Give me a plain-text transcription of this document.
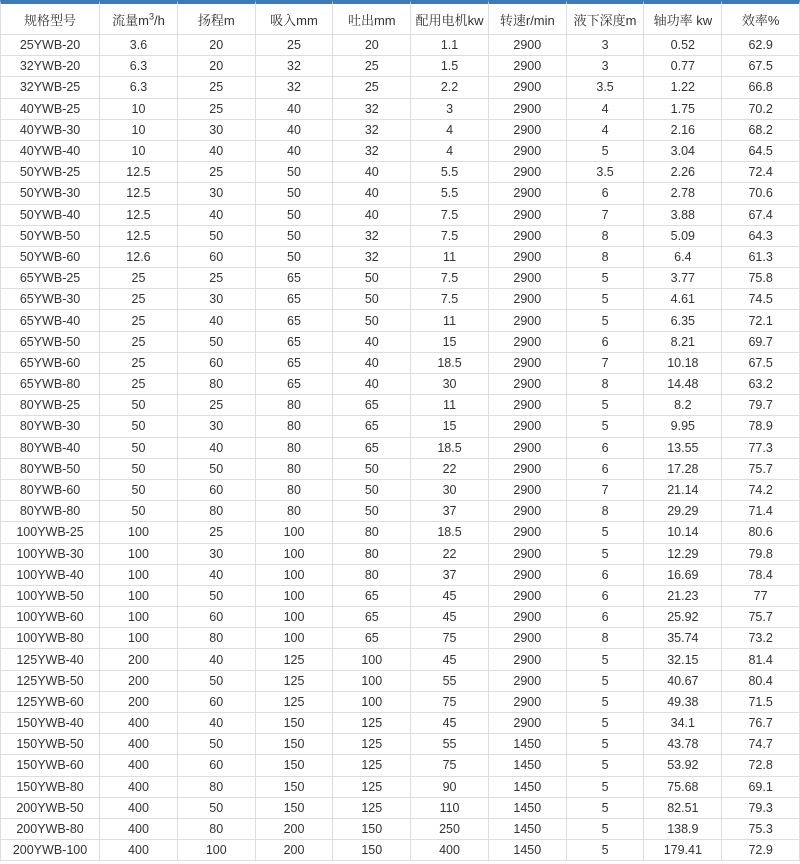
规格型号	流量$m^3/h$	扬程m	吸入mm	吐出mm	配用电机kw	转速r/min	液下深度m	轴功率 kw	效率%
25YWB-20	3.6	20	25	20	1.1	2900	3	0.52	62.9
32YWB-20	6.3	20	32	25	1.5	2900	3	0.77	67.5
32YWB-25	6.3	25	32	25	2.2	2900	3.5	1.22	66.8
40YWB-25	10	25	40	32	3	2900	4	1.75	70.2
40YWB-30	10	30	40	32	4	2900	4	2.16	68.2
40YWB-40	10	40	40	32	4	2900	5	3.04	64.5
50YWB-25	12.5	25	50	40	5.5	2900	3.5	2.26	72.4
50YWB-30	12.5	30	50	40	5.5	2900	6	2.78	70.6
50YWB-40	12.5	40	50	40	7.5	2900	7	3.88	67.4
50YWB-50	12.5	50	50	32	7.5	2900	8	5.09	64.3
50YWB-60	12.6	60	50	32	11	2900	8	6.4	61.3
65YWB-25	25	25	65	50	7.5	2900	5	3.77	75.8
65YWB-30	25	30	65	50	7.5	2900	5	4.61	74.5
65YWB-40	25	40	65	50	11	2900	5	6.35	72.1
65YWB-50	25	50	65	40	15	2900	6	8.21	69.7
65YWB-60	25	60	65	40	18.5	2900	7	10.18	67.5
65YWB-80	25	80	65	40	30	2900	8	14.48	63.2
80YWB-25	50	25	80	65	11	2900	5	8.2	79.7
80YWB-30	50	30	80	65	15	2900	5	9.95	78.9
80YWB-40	50	40	80	65	18.5	2900	6	13.55	77.3
80YWB-50	50	50	80	50	22	2900	6	17.28	75.7
80YWB-60	50	60	80	50	30	2900	7	21.14	74.2
80YWB-80	50	80	80	50	37	2900	8	29.29	71.4
100YWB-25	100	25	100	80	18.5	2900	5	10.14	80.6
100YWB-30	100	30	100	80	22	2900	5	12.29	79.8
100YWB-40	100	40	100	80	37	2900	6	16.69	78.4
100YWB-50	100	50	100	65	45	2900	6	21.23	77
100YWB-60	100	60	100	65	45	2900	6	25.92	75.7
100YWB-80	100	80	100	65	75	2900	8	35.74	73.2
125YWB-40	200	40	125	100	45	2900	5	32.15	81.4
125YWB-50	200	50	125	100	55	2900	5	40.67	80.4
125YWB-60	200	60	125	100	75	2900	5	49.38	71.5
150YWB-40	400	40	150	125	45	2900	5	34.1	76.7
150YWB-50	400	50	150	125	55	1450	5	43.78	74.7
150YWB-60	400	60	150	125	75	1450	5	53.92	72.8
150YWB-80	400	80	150	125	90	1450	5	75.68	69.1
200YWB-50	400	50	150	125	110	1450	5	82.51	79.3
200YWB-80	400	80	200	150	250	1450	5	138.9	75.3
200YWB-100	400	100	200	150	400	1450	5	179.41	72.9
